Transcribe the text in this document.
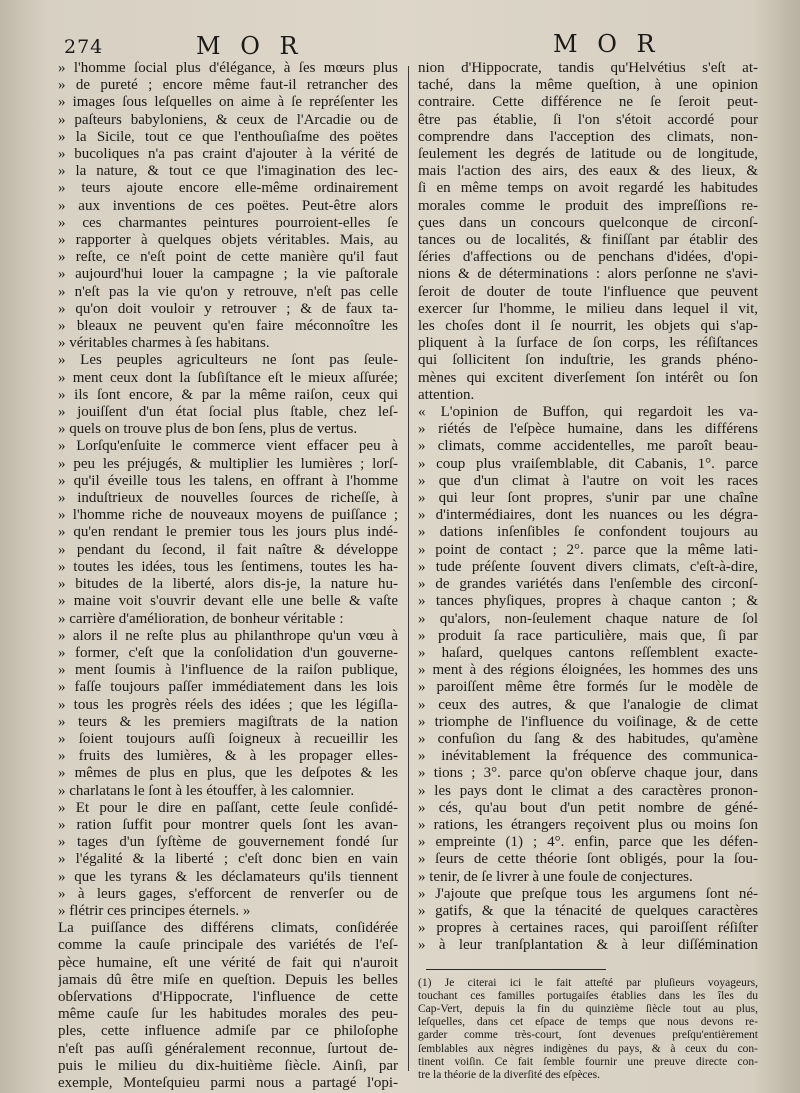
274	M O R	M O R
» l'homme ſocial plus d'élégance, à ſes mœurs plus
» de pureté ; encore même faut-il retrancher des
» images ſous leſquelles on aime à ſe repréſenter les
» paſteurs babyloniens, & ceux de l'Arcadie ou de
» la Sicile, tout ce que l'enthouſiaſme des poëtes
» bucoliques n'a pas craint d'ajouter à la vérité de
» la nature, & tout ce que l'imagination des lec-
» teurs ajoute encore elle-même ordinairement
» aux inventions de ces poëtes. Peut-être alors
» ces charmantes peintures pourroient-elles ſe
» rapporter à quelques objets véritables. Mais, au
» reſte, ce n'eſt point de cette manière qu'il faut
» aujourd'hui louer la campagne ; la vie paſtorale
» n'eſt pas la vie qu'on y retrouve, n'eſt pas celle
» qu'on doit vouloir y retrouver ; & de faux ta-
» bleaux ne peuvent qu'en faire méconnoître les
» véritables charmes à ſes habitans.
» Les peuples agriculteurs ne ſont pas ſeule-
» ment ceux dont la ſubſiſtance eſt le mieux aſſurée;
» ils ſont encore, & par la même raiſon, ceux qui
» jouiſſent d'un état ſocial plus ſtable, chez leſ-
» quels on trouve plus de bon ſens, plus de vertus.
» Lorſqu'enſuite le commerce vient effacer peu à
» peu les préjugés, & multiplier les lumières ; lorſ-
» qu'il éveille tous les talens, en offrant à l'homme
» induſtrieux de nouvelles ſources de richeſſe, à
» l'homme riche de nouveaux moyens de puiſſance ;
» qu'en rendant le premier tous les jours plus indé-
» pendant du ſecond, il fait naître & développe
» toutes les idées, tous les ſentimens, toutes les ha-
» bitudes de la liberté, alors dis-je, la nature hu-
» maine voit s'ouvrir devant elle une belle & vaſte
» carrière d'amélioration, de bonheur véritable :
» alors il ne reſte plus au philanthrope qu'un vœu à
» former, c'eſt que la conſolidation d'un gouverne-
» ment ſoumis à l'influence de la raiſon publique,
» faſſe toujours paſſer immédiatement dans les lois
» tous les progrès réels des idées ; que les légiſla-
» teurs & les premiers magiſtrats de la nation
» ſoient toujours auſſi ſoigneux à recueillir les
» fruits des lumières, & à les propager elles-
» mêmes de plus en plus, que les deſpotes & les
» charlatans le ſont à les étouffer, à les calomnier.
» Et pour le dire en paſſant, cette ſeule conſidé-
» ration ſuffit pour montrer quels ſont les avan-
» tages d'un ſyſtème de gouvernement fondé ſur
» l'égalité & la liberté ; c'eſt donc bien en vain
» que les tyrans & les déclamateurs qu'ils tiennent
» à leurs gages, s'efforcent de renverſer ou de
» flétrir ces principes éternels. »
La puiſſance des différens climats, conſidérée
comme la cauſe principale des variétés de l'eſ-
pèce humaine, eſt une vérité de fait qui n'auroit
jamais dû être miſe en queſtion. Depuis les belles
obſervations d'Hippocrate, l'influence de cette
même cauſe ſur les habitudes morales des peu-
ples, cette influence admiſe par ce philoſophe
n'eſt pas auſſi généralement reconnue, ſurtout de-
puis le milieu du dix-huitième ſiècle. Ainſi, par
exemple, Monteſquieu parmi nous a partagé l'opi-
nion d'Hippocrate, tandis qu'Helvétius s'eſt at-
taché, dans la même queſtion, à une opinion
contraire. Cette différence ne ſe ſeroit peut-
être pas établie, ſi l'on s'étoit accordé pour
comprendre dans l'acception des climats, non-
ſeulement les degrés de latitude ou de longitude,
mais l'action des airs, des eaux & des lieux, &
ſi en même temps on avoit regardé les habitudes
morales comme le produit des impreſſions re-
çues dans un concours quelconque de circonſ-
tances ou de localités, & finiſſant par établir des
ſéries d'affections ou de penchans d'idées, d'opi-
nions & de déterminations : alors perſonne ne s'avi-
ſeroit de douter de toute l'influence que peuvent
exercer ſur l'homme, le milieu dans lequel il vit,
les choſes dont il ſe nourrit, les objets qui s'ap-
pliquent à la ſurface de ſon corps, les réſiſtances
qui ſollicitent ſon induſtrie, les grands phéno-
mènes qui excitent diverſement ſon intérêt ou ſon
attention.
« L'opinion de Buffon, qui regardoit les va-
» riétés de l'eſpèce humaine, dans les différens
» climats, comme accidentelles, me paroît beau-
» coup plus vraiſemblable, dit Cabanis, 1°. parce
» que d'un climat à l'autre on voit les races
» qui leur ſont propres, s'unir par une chaîne
» d'intermédiaires, dont les nuances ou les dégra-
» dations inſenſibles ſe confondent toujours au
» point de contact ; 2°. parce que la même lati-
» tude préſente ſouvent divers climats, c'eſt-à-dire,
» de grandes variétés dans l'enſemble des circonſ-
» tances phyſiques, propres à chaque canton ; &
» qu'alors, non-ſeulement chaque nature de ſol
» produit ſa race particulière, mais que, ſi par
» haſard, quelques cantons reſſemblent exacte-
» ment à des régions éloignées, les hommes des uns
» paroiſſent même être formés ſur le modèle de
» ceux des autres, & que l'analogie de climat
» triomphe de l'influence du voiſinage, & de cette
» confuſion du ſang & des habitudes, qu'amène
» inévitablement la fréquence des communica-
» tions ; 3°. parce qu'on obſerve chaque jour, dans
» les pays dont le climat a des caractères pronon-
» cés, qu'au bout d'un petit nombre de géné-
» rations, les étrangers reçoivent plus ou moins ſon
» empreinte (1) ; 4°. enfin, parce que les défen-
» ſeurs de cette théorie ſont obligés, pour la ſou-
» tenir, de ſe livrer à une foule de conjectures.
» J'ajoute que preſque tous les argumens ſont né-
» gatifs, & que la ténacité de quelques caractères
» propres à certaines races, qui paroiſſent réſiſter
» à leur tranſplantation & à leur diſſémination
(1) Je citerai ici le fait atteſté par pluſieurs voyageurs,
touchant ces familles portugaiſes établies dans les îles du
Cap-Vert, depuis la fin du quinzième ſiècle tout au plus,
leſquelles, dans cet eſpace de temps que nous devons re-
garder comme très-court, ſont devenues preſqu'entièrement
ſemblables aux nègres indigènes du pays, & à ceux du con-
tinent voiſin. Ce fait ſemble fournir une preuve directe con-
tre la théorie de la diverſité des eſpèces.
